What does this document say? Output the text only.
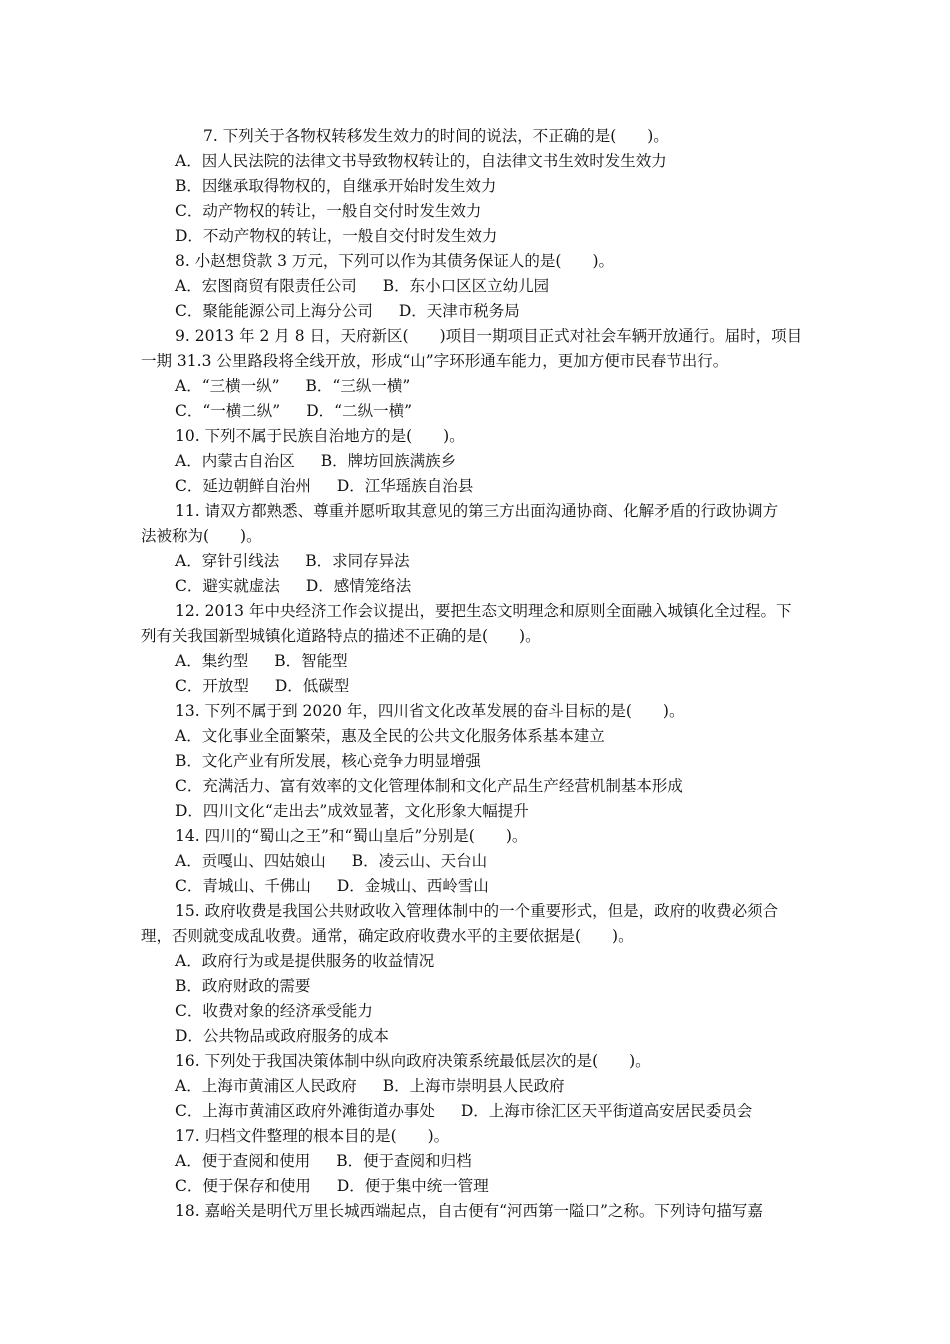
7. 下列关于各物权转移发生效力的时间的说法，不正确的是(　　)。
A．因人民法院的法律文书导致物权转让的，自法律文书生效时发生效力
B．因继承取得物权的，自继承开始时发生效力
C．动产物权的转让，一般自交付时发生效力
D．不动产物权的转让，一般自交付时发生效力
8. 小赵想贷款 3 万元，下列可以作为其债务保证人的是(　　)。
A．宏图商贸有限责任公司 B．东小口区区立幼儿园
C．聚能能源公司上海分公司 D．天津市税务局
9. 2013 年 2 月 8 日，天府新区(　　)项目一期项目正式对社会车辆开放通行。届时，项目
一期 31.3 公里路段将全线开放，形成“山”字环形通车能力，更加方便市民春节出行。
A．“三横一纵” B．“三纵一横”
C．“一横二纵” D．“二纵一横”
10. 下列不属于民族自治地方的是(　　)。
A．内蒙古自治区 B．牌坊回族满族乡
C．延边朝鲜自治州 D．江华瑶族自治县
11. 请双方都熟悉、尊重并愿听取其意见的第三方出面沟通协商、化解矛盾的行政协调方
法被称为(　　)。
A．穿针引线法 B．求同存异法
C．避实就虚法 D．感情笼络法
12. 2013 年中央经济工作会议提出，要把生态文明理念和原则全面融入城镇化全过程。下
列有关我国新型城镇化道路特点的描述不正确的是(　　)。
A．集约型 B．智能型
C．开放型 D．低碳型
13. 下列不属于到 2020 年，四川省文化改革发展的奋斗目标的是(　　)。
A．文化事业全面繁荣，惠及全民的公共文化服务体系基本建立
B．文化产业有所发展，核心竞争力明显增强
C．充满活力、富有效率的文化管理体制和文化产品生产经营机制基本形成
D．四川文化“走出去”成效显著，文化形象大幅提升
14. 四川的“蜀山之王”和“蜀山皇后”分别是(　　)。
A．贡嘎山、四姑娘山 B．凌云山、天台山
C．青城山、千佛山 D．金城山、西岭雪山
15. 政府收费是我国公共财政收入管理体制中的一个重要形式，但是，政府的收费必须合
理，否则就变成乱收费。通常，确定政府收费水平的主要依据是(　　)。
A．政府行为或是提供服务的收益情况
B．政府财政的需要
C．收费对象的经济承受能力
D．公共物品或政府服务的成本
16. 下列处于我国决策体制中纵向政府决策系统最低层次的是(　　)。
A．上海市黄浦区人民政府 B．上海市崇明县人民政府
C．上海市黄浦区政府外滩街道办事处 D．上海市徐汇区天平街道高安居民委员会
17. 归档文件整理的根本目的是(　　)。
A．便于查阅和使用 B．便于查阅和归档
C．便于保存和使用 D．便于集中统一管理
18. 嘉峪关是明代万里长城西端起点，自古便有“河西第一隘口”之称。下列诗句描写嘉
